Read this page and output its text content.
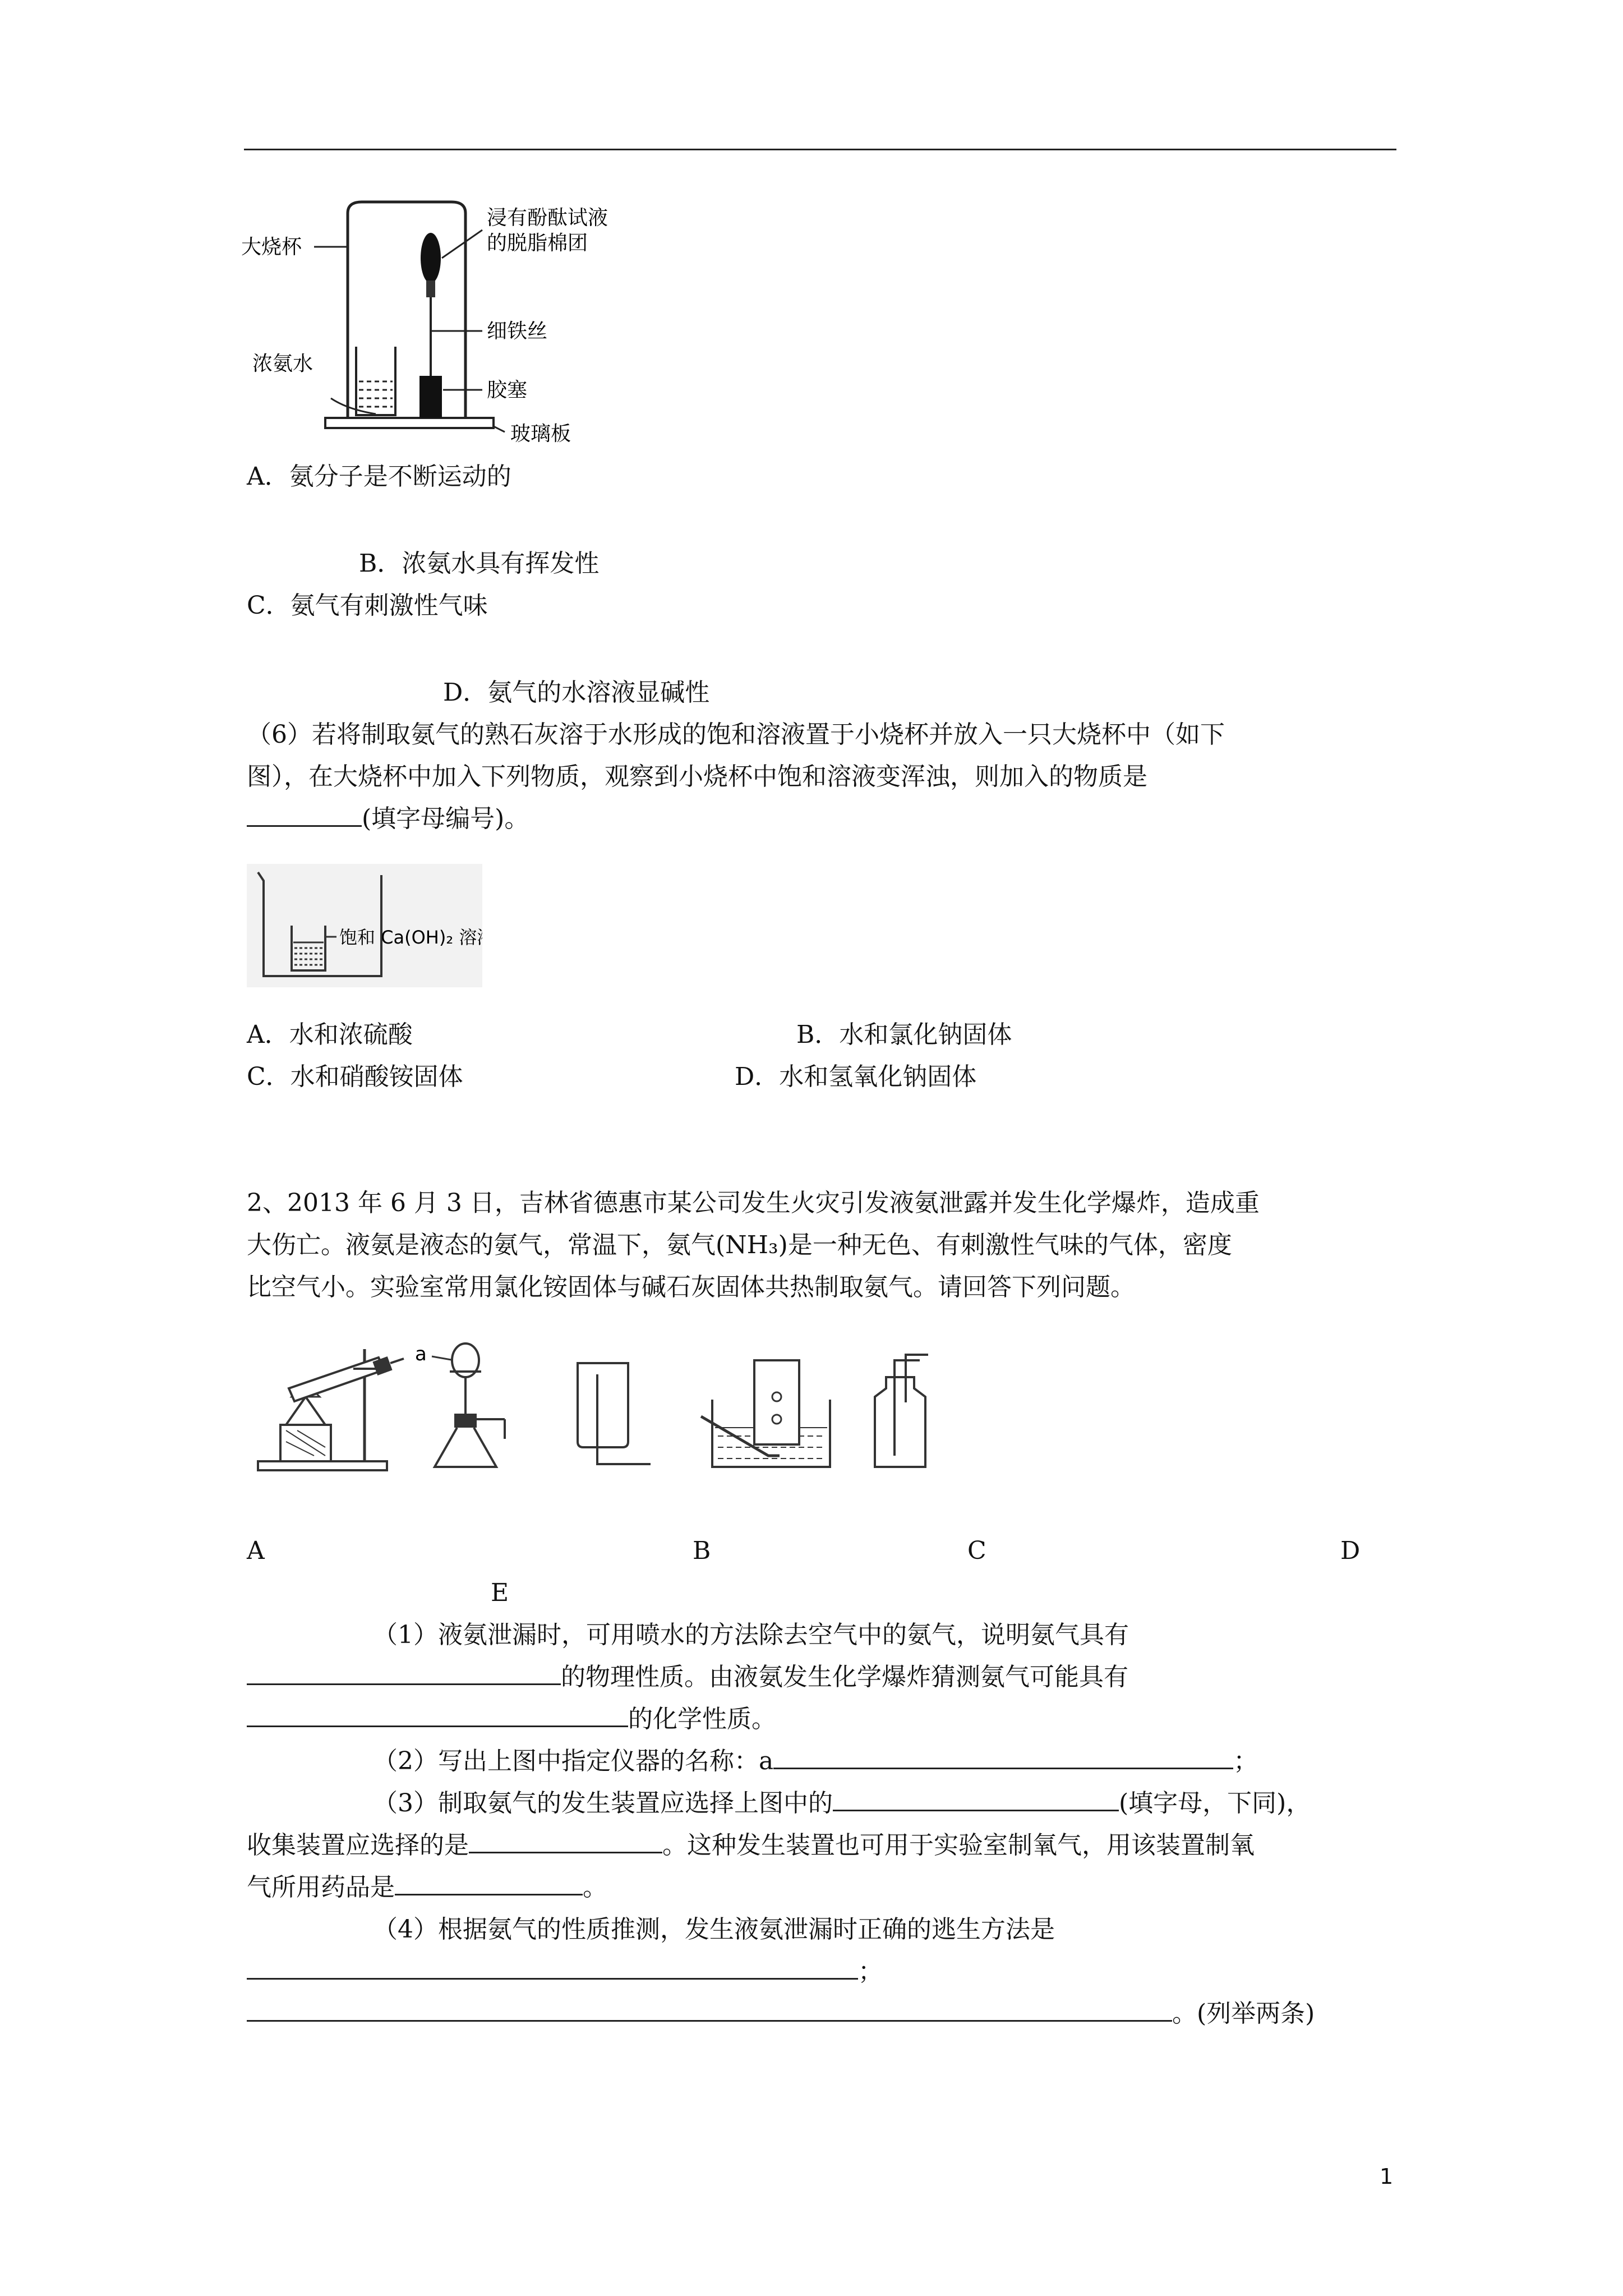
大烧杯
浸有酚酞试液
的脱脂棉团
细铁丝
浓氨水
胶塞
玻璃板
A．氨分子是不断运动的
B．浓氨水具有挥发性
C．氨气有刺激性气味
D．氨气的水溶液显碱性
（6）若将制取氨气的熟石灰溶于水形成的饱和溶液置于小烧杯并放入一只大烧杯中（如下
图），在大烧杯中加入下列物质，观察到小烧杯中饱和溶液变浑浊，则加入的物质是
(填字母编号)。
饱和 Ca(OH)₂ 溶液
A．水和浓硫酸	B．水和氯化钠固体
C．水和硝酸铵固体	D．水和氢氧化钠固体
2、2013 年 6 月 3 日，吉林省德惠市某公司发生火灾引发液氨泄露并发生化学爆炸，造成重
大伤亡。液氨是液态的氨气，常温下，氨气(NH₃)是一种无色、有刺激性气味的气体，密度
比空气小。实验室常用氯化铵固体与碱石灰固体共热制取氨气。请回答下列问题。
a
A	B	C	D
E
（1）液氨泄漏时，可用喷水的方法除去空气中的氨气，说明氨气具有
的物理性质。由液氨发生化学爆炸猜测氨气可能具有
的化学性质。
（2）写出上图中指定仪器的名称：a	；
（3）制取氨气的发生装置应选择上图中的	(填字母，下同)，
收集装置应选择的是	。这种发生装置也可用于实验室制氧气，用该装置制氧
气所用药品是	。
（4）根据氨气的性质推测，发生液氨泄漏时正确的逃生方法是
；
。(列举两条)
1
